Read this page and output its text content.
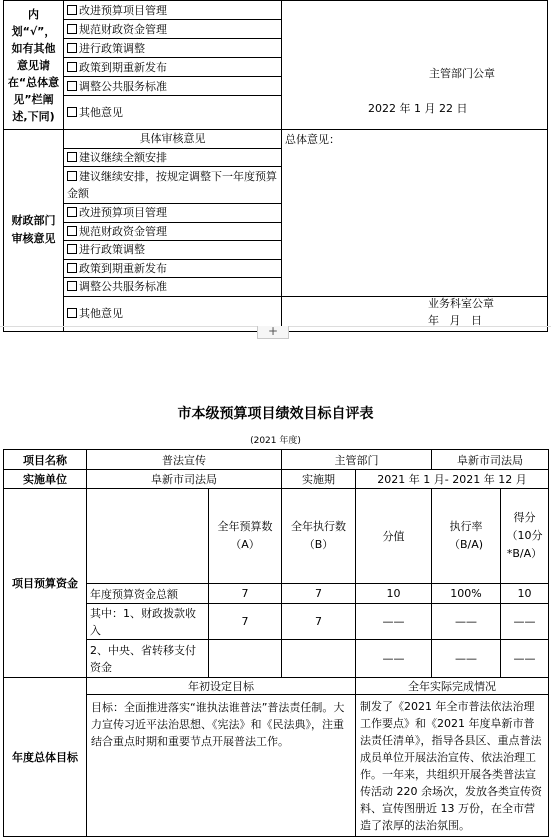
内划“√”，如有其他意见请在“总体意见”栏阐述,下同)	改进预算项目管理	主管部门公章
2022 年 1 月 22 日

	规范财政资金管理	
	进行政策调整	
	政策到期重新发布	
	调整公共服务标准	
	其他意见	
财政部门审核意见	具体审核意见	总体意见：
	建议继续全额安排	
	建议继续安排，按规定调整下一年度预算金额	
	改进预算项目管理	
	规范财政资金管理	
	进行政策调整	
	政策到期重新发布	
	调整公共服务标准	
	其他意见	业务科室公章
年   月   日

+
市本级预算项目绩效目标自评表
(2021 年度)
项目名称	普法宣传		主管部门		阜新市司法局	
实施单位	阜新市司法局		实施期	2021 年 1 月- 2021 年 12 月		
项目预算资金		全年预算数（A）	全年执行数（B）	分值	执行率（B/A)	得分（10分*B/A）
	年度预算资金总额	7	7	10	100%	10
	其中：1、财政拨款收入	7	7	——	——	——
	2、中央、省转移支付资金			——	——	——
年度总体目标	年初设定目标			全年实际完成情况		
	目标：全面推进落实“谁执法谁普法”普法责任制。大力宣传习近平法治思想、《宪法》和《民法典》，注重结合重点时期和重要节点开展普法工作。			制发了《2021 年全市普法依法治理工作要点》和《2021 年度阜新市普法责任清单》，指导各县区、重点普法成员单位开展法治宣传、依法治理工作。一年来，共组织开展各类普法宣传活动 220 余场次，发放各类宣传资料、宣传图册近 13 万份，在全市营造了浓厚的法治氛围。		
